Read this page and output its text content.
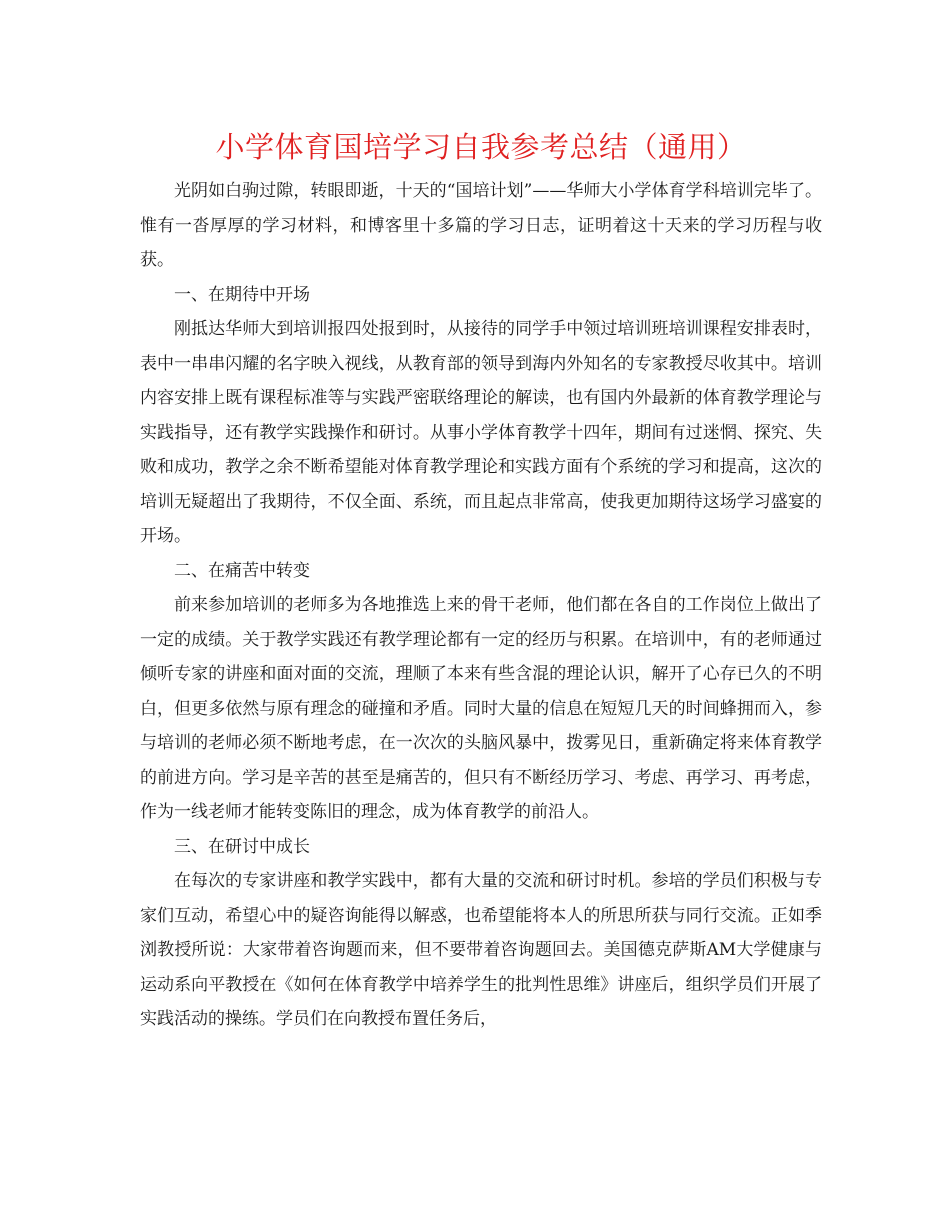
小学体育国培学习自我参考总结（通用）

光阴如白驹过隙，转眼即逝，十天的“国培计划”——华师大小学体育学科培训完毕了。惟有一沓厚厚的学习材料，和博客里十多篇的学习日志，证明着这十天来的学习历程与收获。

一、在期待中开场

刚抵达华师大到培训报四处报到时，从接待的同学手中领过培训班培训课程安排表时，表中一串串闪耀的名字映入视线，从教育部的领导到海内外知名的专家教授尽收其中。培训内容安排上既有课程标准等与实践严密联络理论的解读，也有国内外最新的体育教学理论与实践指导，还有教学实践操作和研讨。从事小学体育教学十四年，期间有过迷惘、探究、失败和成功，教学之余不断希望能对体育教学理论和实践方面有个系统的学习和提高，这次的培训无疑超出了我期待，不仅全面、系统，而且起点非常高，使我更加期待这场学习盛宴的开场。

二、在痛苦中转变

前来参加培训的老师多为各地推选上来的骨干老师，他们都在各自的工作岗位上做出了一定的成绩。关于教学实践还有教学理论都有一定的经历与积累。在培训中，有的老师通过倾听专家的讲座和面对面的交流，理顺了本来有些含混的理论认识，解开了心存已久的不明白，但更多依然与原有理念的碰撞和矛盾。同时大量的信息在短短几天的时间蜂拥而入，参与培训的老师必须不断地考虑，在一次次的头脑风暴中，拨雾见日，重新确定将来体育教学的前进方向。学习是辛苦的甚至是痛苦的，但只有不断经历学习、考虑、再学习、再考虑，作为一线老师才能转变陈旧的理念，成为体育教学的前沿人。

三、在研讨中成长

在每次的专家讲座和教学实践中，都有大量的交流和研讨时机。参培的学员们积极与专家们互动，希望心中的疑咨询能得以解惑，也希望能将本人的所思所获与同行交流。正如季浏教授所说：大家带着咨询题而来，但不要带着咨询题回去。美国德克萨斯AM大学健康与运动系向平教授在《如何在体育教学中培养学生的批判性思维》讲座后，组织学员们开展了实践活动的操练。学员们在向教授布置任务后，
